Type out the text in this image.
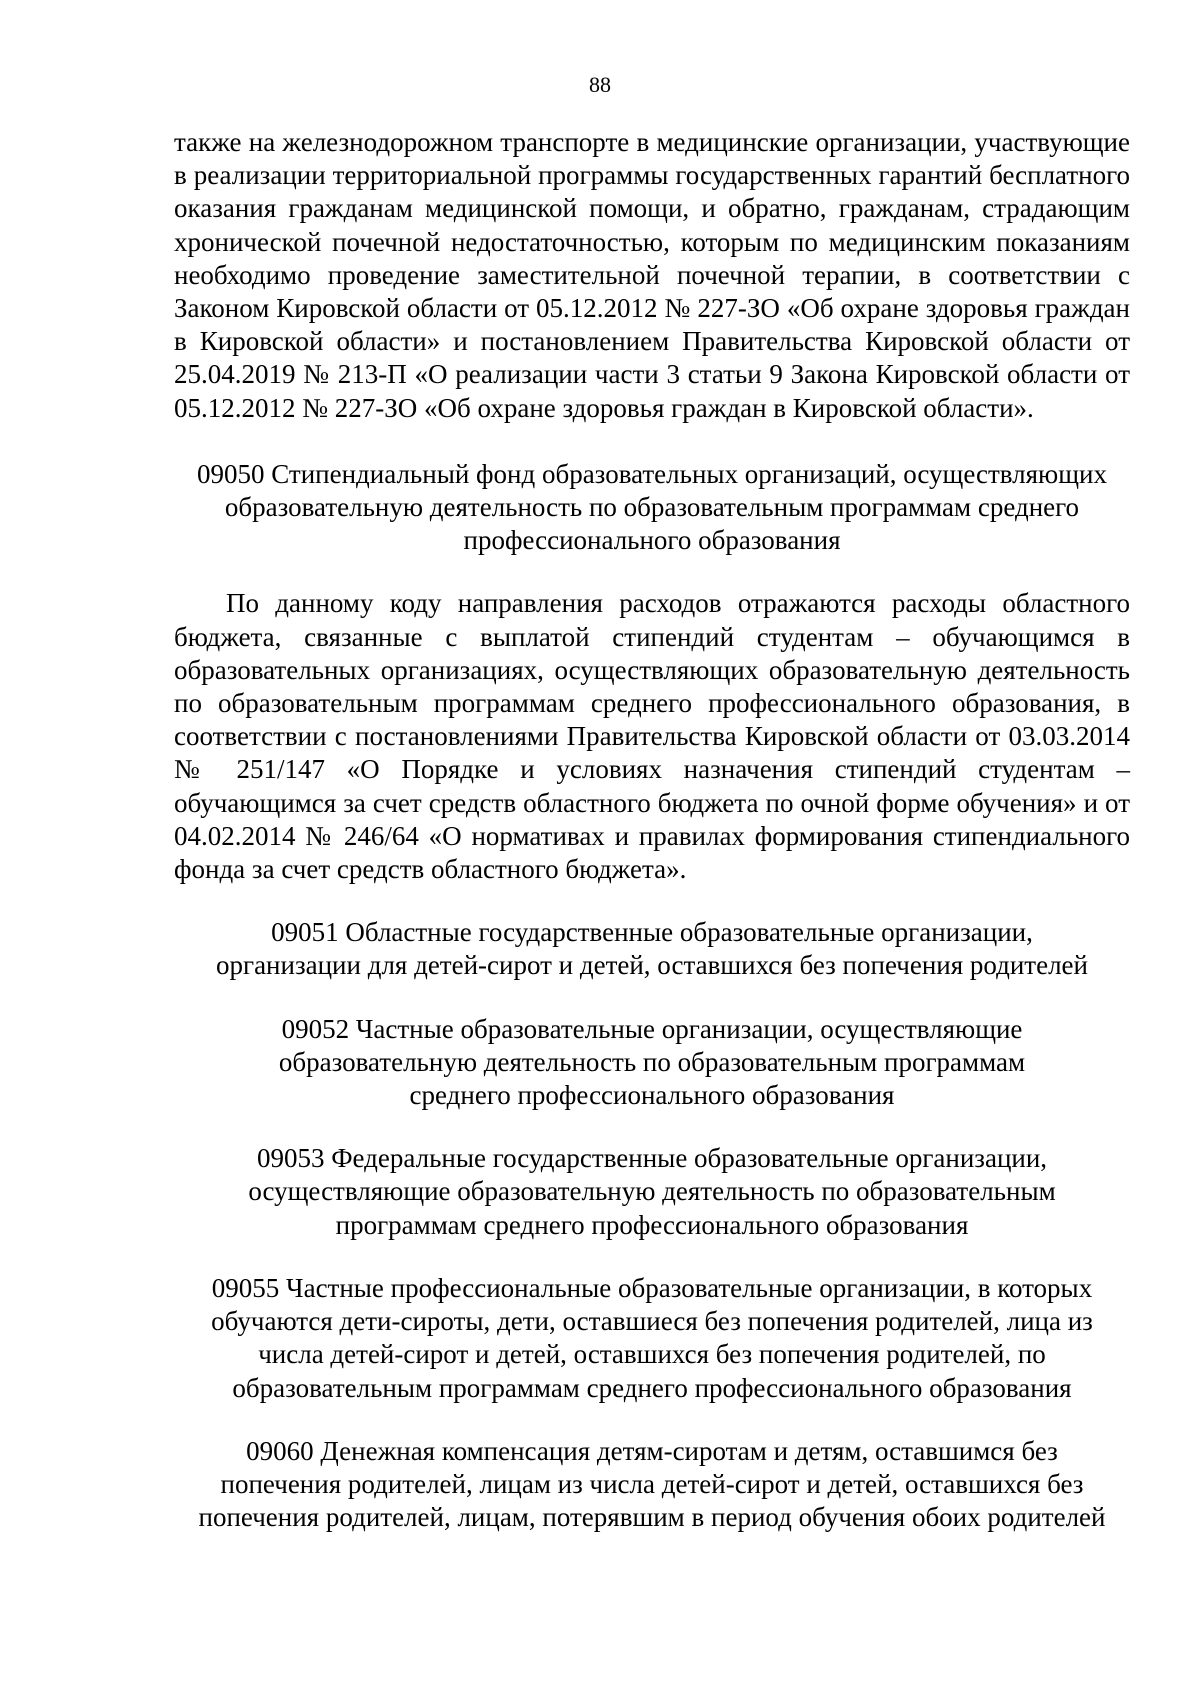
88

также на железнодорожном транспорте в медицинские организации, участвующие в реализации территориальной программы государственных гарантий бесплатного оказания гражданам медицинской помощи, и обратно, гражданам, страдающим хронической почечной недостаточностью, которым по медицинским показаниям необходимо проведение заместительной почечной терапии, в соответствии с Законом Кировской области от 05.12.2012 № 227-ЗО «Об охране здоровья граждан в Кировской области» и постановлением Правительства Кировской области от 25.04.2019 № 213-П «О реализации части 3 статьи 9 Закона Кировской области от 05.12.2012 № 227-ЗО «Об охране здоровья граждан в Кировской области».

09050 Стипендиальный фонд образовательных организаций, осуществляющих
образовательную деятельность по образовательным программам среднего
профессионального образования

По данному коду направления расходов отражаются расходы областного бюджета, связанные с выплатой стипендий студентам – обучающимся в образовательных организациях, осуществляющих образовательную деятельность по образовательным программам среднего профессионального образования, в соответствии с постановлениями Правительства Кировской области от 03.03.2014 № 251/147 «О Порядке и условиях назначения стипендий студентам – обучающимся за счет средств областного бюджета по очной форме обучения» и от 04.02.2014 № 246/64 «О нормативах и правилах формирования стипендиального фонда за счет средств областного бюджета».

09051 Областные государственные образовательные организации,
организации для детей-сирот и детей, оставшихся без попечения родителей
09052 Частные образовательные организации, осуществляющие
образовательную деятельность по образовательным программам
среднего профессионального образования
09053 Федеральные государственные образовательные организации,
осуществляющие образовательную деятельность по образовательным
программам среднего профессионального образования
09055 Частные профессиональные образовательные организации, в которых
обучаются дети-сироты, дети, оставшиеся без попечения родителей, лица из
числа детей-сирот и детей, оставшихся без попечения родителей, по
образовательным программам среднего профессионального образования
09060 Денежная компенсация детям-сиротам и детям, оставшимся без
попечения родителей, лицам из числа детей-сирот и детей, оставшихся без
попечения родителей, лицам, потерявшим в период обучения обоих родителей
